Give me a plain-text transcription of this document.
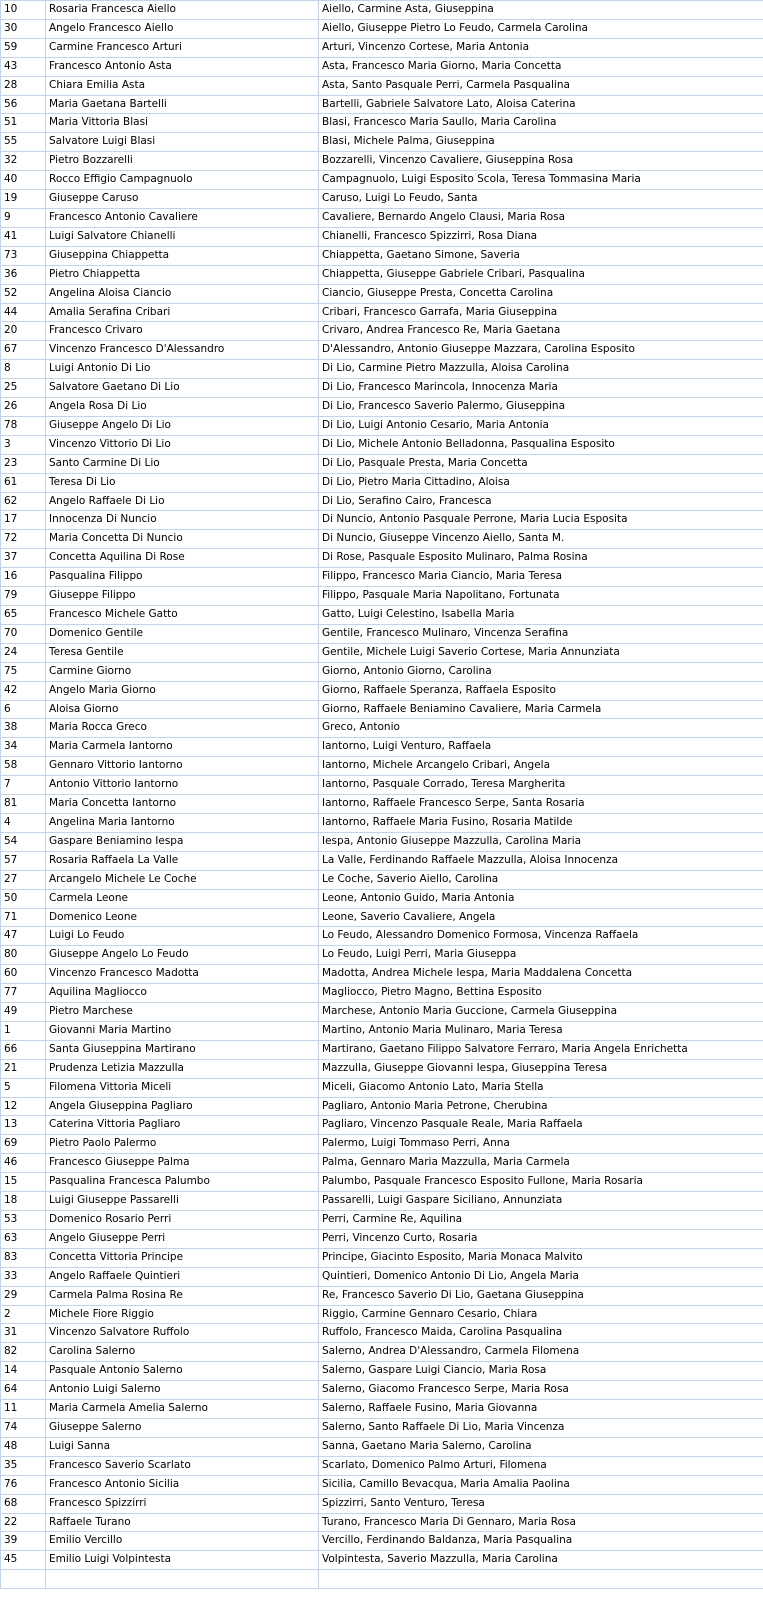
10	Rosaria Francesca Aiello	Aiello, Carmine Asta, Giuseppina
30	Angelo Francesco Aiello	Aiello, Giuseppe Pietro Lo Feudo, Carmela Carolina
59	Carmine Francesco Arturi	Arturi, Vincenzo Cortese, Maria Antonia
43	Francesco Antonio Asta	Asta, Francesco Maria Giorno, Maria Concetta
28	Chiara Emilia Asta	Asta, Santo Pasquale Perri, Carmela Pasqualina
56	Maria Gaetana Bartelli	Bartelli, Gabriele Salvatore Lato, Aloisa Caterina
51	Maria Vittoria Blasi	Blasi, Francesco Maria Saullo, Maria Carolina
55	Salvatore Luigi Blasi	Blasi, Michele Palma, Giuseppina
32	Pietro Bozzarelli	Bozzarelli, Vincenzo Cavaliere, Giuseppina Rosa
40	Rocco Effigio Campagnuolo	Campagnuolo, Luigi Esposito Scola, Teresa Tommasina Maria
19	Giuseppe Caruso	Caruso, Luigi Lo Feudo, Santa
9	Francesco Antonio Cavaliere	Cavaliere, Bernardo Angelo Clausi, Maria Rosa
41	Luigi Salvatore Chianelli	Chianelli, Francesco Spizzirri, Rosa Diana
73	Giuseppina Chiappetta	Chiappetta, Gaetano Simone, Saveria
36	Pietro Chiappetta	Chiappetta, Giuseppe Gabriele Cribari, Pasqualina
52	Angelina Aloisa Ciancio	Ciancio, Giuseppe Presta, Concetta Carolina
44	Amalia Serafina Cribari	Cribari, Francesco Garrafa, Maria Giuseppina
20	Francesco Crivaro	Crivaro, Andrea Francesco Re, Maria Gaetana
67	Vincenzo Francesco D'Alessandro	D'Alessandro, Antonio Giuseppe Mazzara, Carolina Esposito
8	Luigi Antonio Di Lio	Di Lio, Carmine Pietro Mazzulla, Aloisa Carolina
25	Salvatore Gaetano Di Lio	Di Lio, Francesco Marincola, Innocenza Maria
26	Angela Rosa Di Lio	Di Lio, Francesco Saverio Palermo, Giuseppina
78	Giuseppe Angelo Di Lio	Di Lio, Luigi Antonio Cesario, Maria Antonia
3	Vincenzo Vittorio Di Lio	Di Lio, Michele Antonio Belladonna, Pasqualina Esposito
23	Santo Carmine Di Lio	Di Lio, Pasquale Presta, Maria Concetta
61	Teresa Di Lio	Di Lio, Pietro Maria Cittadino, Aloisa
62	Angelo Raffaele Di Lio	Di Lio, Serafino Cairo, Francesca
17	Innocenza Di Nuncio	Di Nuncio, Antonio Pasquale Perrone, Maria Lucia Esposita
72	Maria Concetta Di Nuncio	Di Nuncio, Giuseppe Vincenzo Aiello, Santa M.
37	Concetta Aquilina Di Rose	Di Rose, Pasquale Esposito Mulinaro, Palma Rosina
16	Pasqualina Filippo	Filippo, Francesco Maria Ciancio, Maria Teresa
79	Giuseppe Filippo	Filippo, Pasquale Maria Napolitano, Fortunata
65	Francesco Michele Gatto	Gatto, Luigi Celestino, Isabella Maria
70	Domenico Gentile	Gentile, Francesco Mulinaro, Vincenza Serafina
24	Teresa Gentile	Gentile, Michele Luigi Saverio Cortese, Maria Annunziata
75	Carmine Giorno	Giorno, Antonio Giorno, Carolina
42	Angelo Maria Giorno	Giorno, Raffaele Speranza, Raffaela Esposito
6	Aloisa Giorno	Giorno, Raffaele Beniamino Cavaliere, Maria Carmela
38	Maria Rocca Greco	Greco, Antonio
34	Maria Carmela Iantorno	Iantorno, Luigi Venturo, Raffaela
58	Gennaro Vittorio Iantorno	Iantorno, Michele Arcangelo Cribari, Angela
7	Antonio Vittorio Iantorno	Iantorno, Pasquale Corrado, Teresa Margherita
81	Maria Concetta Iantorno	Iantorno, Raffaele Francesco Serpe, Santa Rosaria
4	Angelina Maria Iantorno	Iantorno, Raffaele Maria Fusino, Rosaria Matilde
54	Gaspare Beniamino Iespa	Iespa, Antonio Giuseppe Mazzulla, Carolina Maria
57	Rosaria Raffaela La Valle	La Valle, Ferdinando Raffaele Mazzulla, Aloisa Innocenza
27	Arcangelo Michele Le Coche	Le Coche, Saverio Aiello, Carolina
50	Carmela Leone	Leone, Antonio Guido, Maria Antonia
71	Domenico Leone	Leone, Saverio Cavaliere, Angela
47	Luigi Lo Feudo	Lo Feudo, Alessandro Domenico Formosa, Vincenza Raffaela
80	Giuseppe Angelo Lo Feudo	Lo Feudo, Luigi Perri, Maria Giuseppa
60	Vincenzo Francesco Madotta	Madotta, Andrea Michele Iespa, Maria Maddalena Concetta
77	Aquilina Magliocco	Magliocco, Pietro Magno, Bettina Esposito
49	Pietro Marchese	Marchese, Antonio Maria Guccione, Carmela Giuseppina
1	Giovanni Maria Martino	Martino, Antonio Maria Mulinaro, Maria Teresa
66	Santa Giuseppina Martirano	Martirano, Gaetano Filippo Salvatore Ferraro, Maria Angela Enrichetta
21	Prudenza Letizia Mazzulla	Mazzulla, Giuseppe Giovanni Iespa, Giuseppina Teresa
5	Filomena Vittoria Miceli	Miceli, Giacomo Antonio Lato, Maria Stella
12	Angela Giuseppina Pagliaro	Pagliaro, Antonio Maria Petrone, Cherubina
13	Caterina Vittoria Pagliaro	Pagliaro, Vincenzo Pasquale Reale, Maria Raffaela
69	Pietro Paolo Palermo	Palermo, Luigi Tommaso Perri, Anna
46	Francesco Giuseppe Palma	Palma, Gennaro Maria Mazzulla, Maria Carmela
15	Pasqualina Francesca Palumbo	Palumbo, Pasquale Francesco Esposito Fullone, Maria Rosaria
18	Luigi Giuseppe Passarelli	Passarelli, Luigi Gaspare Siciliano, Annunziata
53	Domenico Rosario Perri	Perri, Carmine Re, Aquilina
63	Angelo Giuseppe Perri	Perri, Vincenzo Curto, Rosaria
83	Concetta Vittoria Principe	Principe, Giacinto Esposito, Maria Monaca Malvito
33	Angelo Raffaele Quintieri	Quintieri, Domenico Antonio Di Lio, Angela Maria
29	Carmela Palma Rosina Re	Re, Francesco Saverio Di Lio, Gaetana Giuseppina
2	Michele Fiore Riggio	Riggio, Carmine Gennaro Cesario, Chiara
31	Vincenzo Salvatore Ruffolo	Ruffolo, Francesco Maida, Carolina Pasqualina
82	Carolina Salerno	Salerno, Andrea D'Alessandro, Carmela Filomena
14	Pasquale Antonio Salerno	Salerno, Gaspare Luigi Ciancio, Maria Rosa
64	Antonio Luigi Salerno	Salerno, Giacomo Francesco Serpe, Maria Rosa
11	Maria Carmela Amelia Salerno	Salerno, Raffaele Fusino, Maria Giovanna
74	Giuseppe Salerno	Salerno, Santo Raffaele Di Lio, Maria Vincenza
48	Luigi Sanna	Sanna, Gaetano Maria Salerno, Carolina
35	Francesco Saverio Scarlato	Scarlato, Domenico Palmo Arturi, Filomena
76	Francesco Antonio Sicilia	Sicilia, Camillo Bevacqua, Maria Amalia Paolina
68	Francesco Spizzirri	Spizzirri, Santo Venturo, Teresa
22	Raffaele Turano	Turano, Francesco Maria Di Gennaro, Maria Rosa
39	Emilio Vercillo	Vercillo, Ferdinando Baldanza, Maria Pasqualina
45	Emilio Luigi Volpintesta	Volpintesta, Saverio Mazzulla, Maria Carolina
